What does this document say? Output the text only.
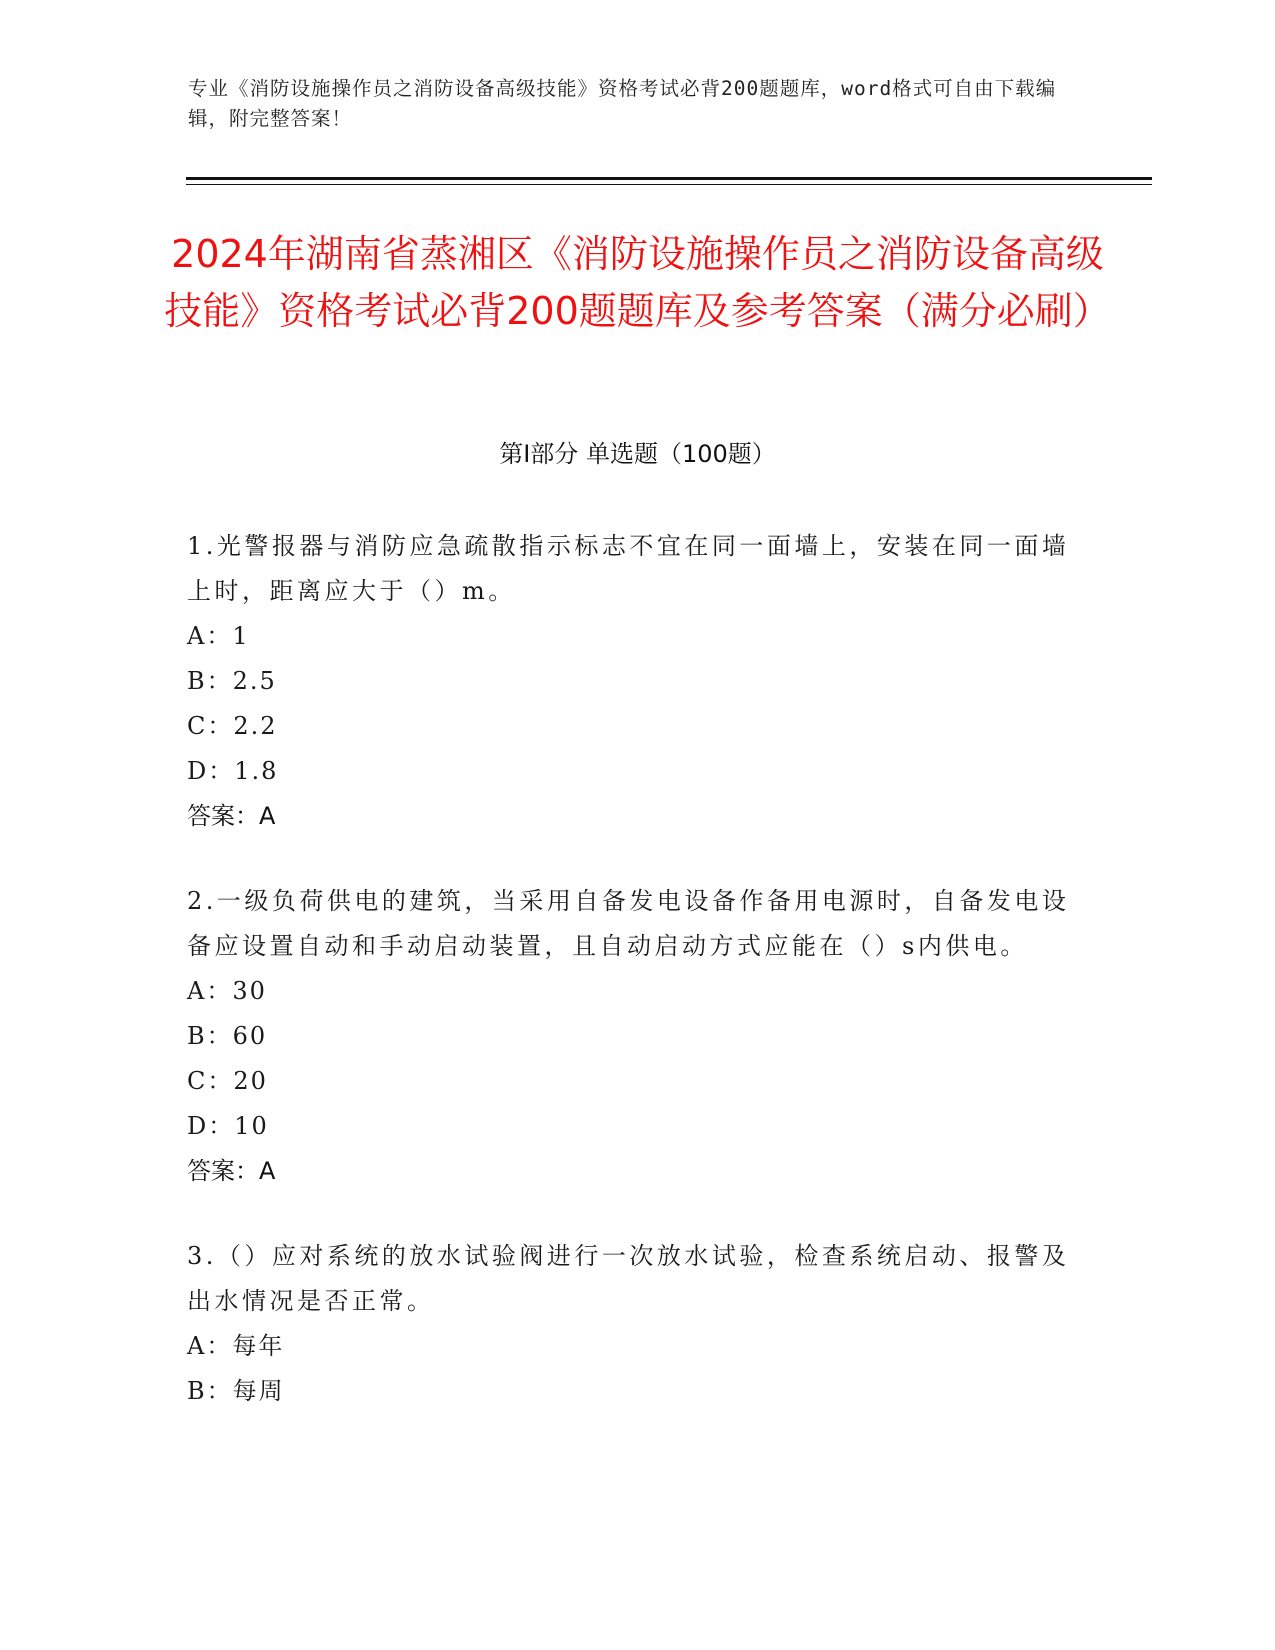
专业《消防设施操作员之消防设备高级技能》资格考试必背200题题库，word格式可自由下载编辑，附完整答案！
2024年湖南省蒸湘区《消防设施操作员之消防设备高级技能》资格考试必背200题题库及参考答案（满分必刷）
第Ⅰ部分 单选题（100题）
1.光警报器与消防应急疏散指示标志不宜在同一面墙上，安装在同一面墙上时，距离应大于（）m。
A：1
B：2.5
C：2.2
D：1.8
答案：A
2.一级负荷供电的建筑，当采用自备发电设备作备用电源时，自备发电设备应设置自动和手动启动装置，且自动启动方式应能在（）s内供电。
A：30
B：60
C：20
D：10
答案：A
3.（）应对系统的放水试验阀进行一次放水试验，检查系统启动、报警及出水情况是否正常。
A：每年
B：每周
